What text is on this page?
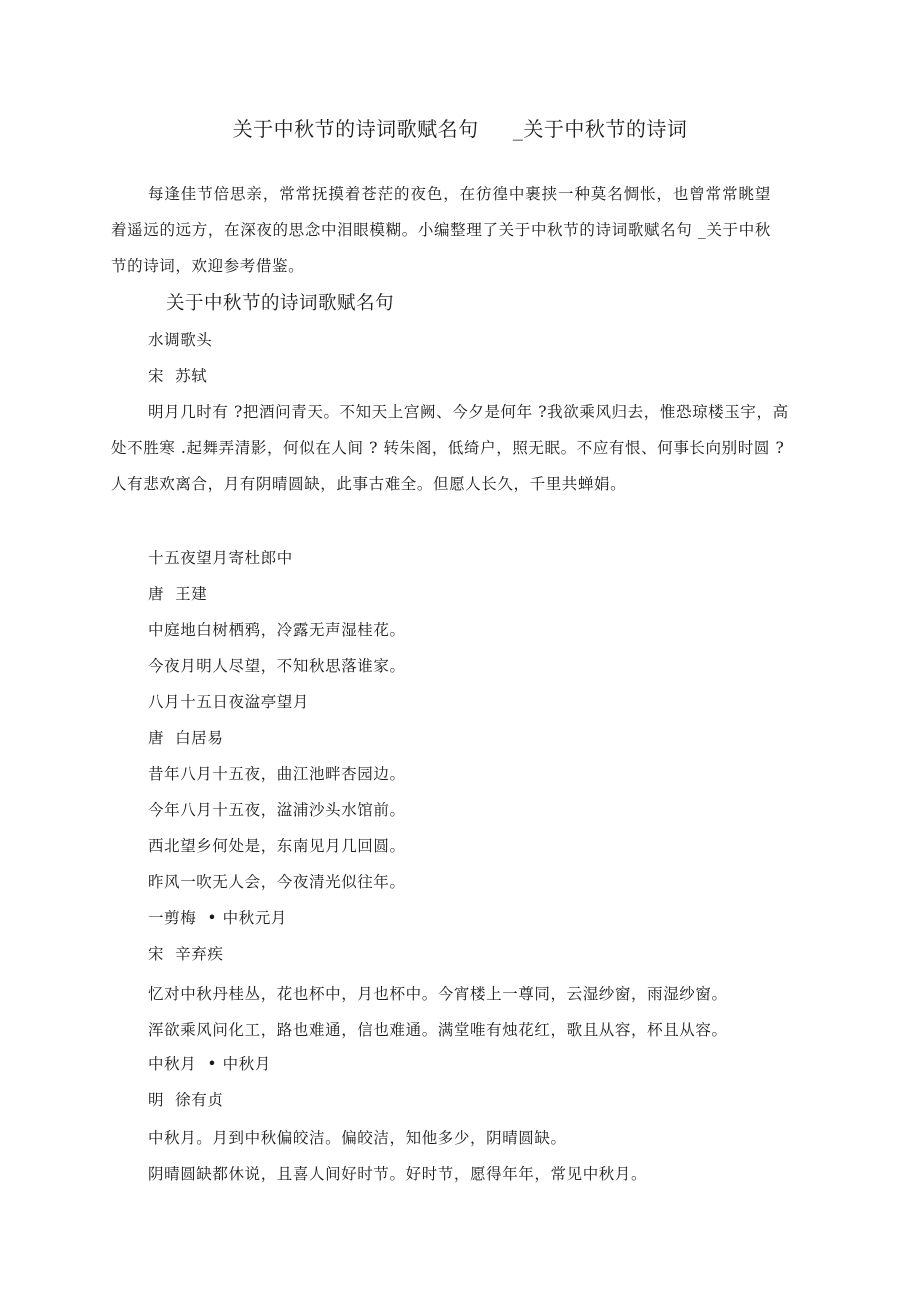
关于中秋节的诗词歌赋名句     _关于中秋节的诗词
每逢佳节倍思亲，常常抚摸着苍茫的夜色，在彷徨中裹挟一种莫名惆怅，也曾常常眺望着遥远的远方，在深夜的思念中泪眼模糊。小编整理了关于中秋节的诗词歌赋名句 _关于中秋节的诗词，欢迎参考借鉴。
关于中秋节的诗词歌赋名句
水调歌头
宋  苏轼
明月几时有 ?把酒问青天。不知天上宫阙、今夕是何年 ?我欲乘风归去，惟恐琼楼玉宇，高处不胜寒 .起舞弄清影，何似在人间 ? 转朱阁，低绮户，照无眠。不应有恨、何事长向别时圆 ?人有悲欢离合，月有阴晴圆缺，此事古难全。但愿人长久，千里共蝉娟。
十五夜望月寄杜郎中
唐  王建
中庭地白树栖鸦，冷露无声湿桂花。
今夜月明人尽望，不知秋思落谁家。
八月十五日夜湓亭望月
唐  白居易
昔年八月十五夜，曲江池畔杏园边。
今年八月十五夜，湓浦沙头水馆前。
西北望乡何处是，东南见月几回圆。
昨风一吹无人会，今夜清光似往年。
一剪梅  • 中秋元月
宋  辛弃疾
忆对中秋丹桂丛，花也杯中，月也杯中。今宵楼上一尊同，云湿纱窗，雨湿纱窗。
浑欲乘风问化工，路也难通，信也难通。满堂唯有烛花红，歌且从容，杯且从容。
中秋月  • 中秋月
明  徐有贞
中秋月。月到中秋偏皎洁。偏皎洁，知他多少，阴晴圆缺。
阴晴圆缺都休说，且喜人间好时节。好时节，愿得年年，常见中秋月。
